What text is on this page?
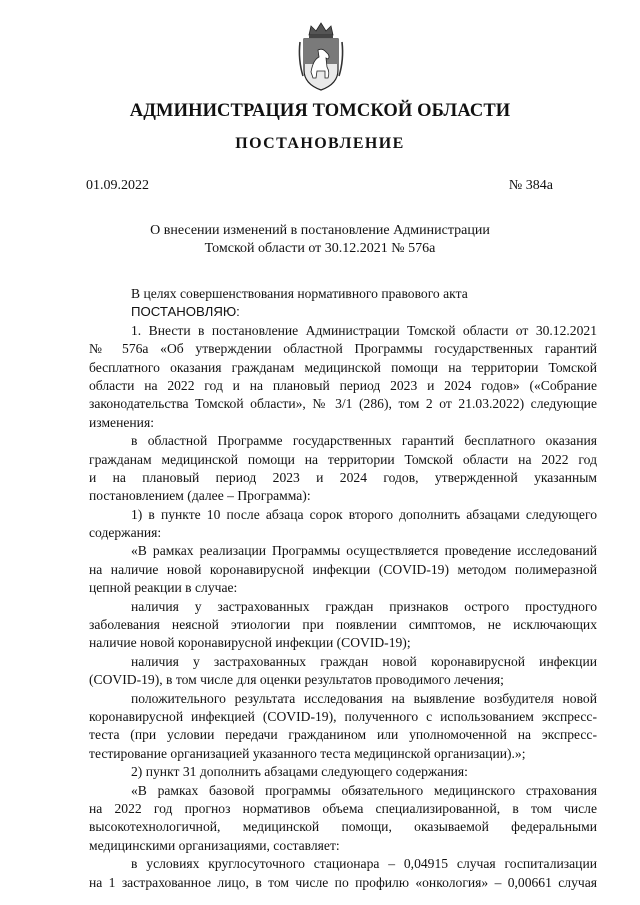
АДМИНИСТРАЦИЯ ТОМСКОЙ ОБЛАСТИ
ПОСТАНОВЛЕНИЕ
01.09.2022	№ 384а
О внесении изменений в постановление Администрации
Томской области от 30.12.2021 № 576а
В целях совершенствования нормативного правового акта
ПОСТАНОВЛЯЮ:
1. Внести в постановление Администрации Томской области от 30.12.2021
№ 576а «Об утверждении областной Программы государственных гарантий
бесплатного оказания гражданам медицинской помощи на территории Томской
области на 2022 год и на плановый период 2023 и 2024 годов» («Собрание
законодательства Томской области», № 3/1 (286), том 2 от 21.03.2022) следующие
изменения:
в областной Программе государственных гарантий бесплатного оказания
гражданам медицинской помощи на территории Томской области на 2022 год
и на плановый период 2023 и 2024 годов, утвержденной указанным
постановлением (далее – Программа):
1) в пункте 10 после абзаца сорок второго дополнить абзацами следующего
содержания:
«В рамках реализации Программы осуществляется проведение исследований
на наличие новой коронавирусной инфекции (COVID-19) методом полимеразной
цепной реакции в случае:
наличия у застрахованных граждан признаков острого простудного
заболевания неясной этиологии при появлении симптомов, не исключающих
наличие новой коронавирусной инфекции (COVID-19);
наличия у застрахованных граждан новой коронавирусной инфекции
(COVID-19), в том числе для оценки результатов проводимого лечения;
положительного результата исследования на выявление возбудителя новой
коронавирусной инфекцией (COVID-19), полученного с использованием экспресс-
теста (при условии передачи гражданином или уполномоченной на экспресс-
тестирование организацией указанного теста медицинской организации).»;
2) пункт 31 дополнить абзацами следующего содержания:
«В рамках базовой программы обязательного медицинского страхования
на 2022 год прогноз нормативов объема специализированной, в том числе
высокотехнологичной, медицинской помощи, оказываемой федеральными
медицинскими организациями, составляет:
в условиях круглосуточного стационара – 0,04915 случая госпитализации
на 1 застрахованное лицо, в том числе по профилю «онкология» – 0,00661 случая
